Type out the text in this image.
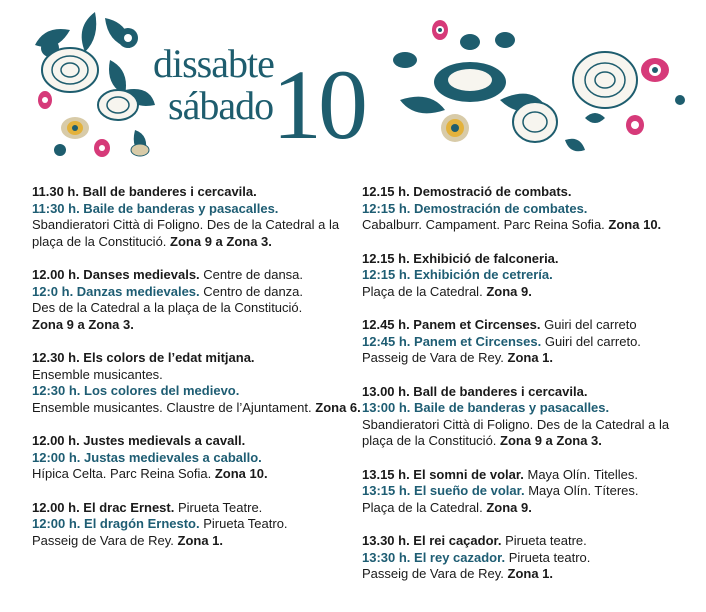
dissabte
sábado
10
11.30 h. Ball de banderes i cercavila.
11:30 h. Baile de banderas y pasacalles.
Sbandieratori Città di Foligno. Des de la Catedral a la
plaça de la Constitució. Zona 9 a Zona 3.
12.00 h. Danses medievals. Centre de dansa.
12:0 h. Danzas medievales. Centro de danza.
Des de la Catedral a la plaça de la Constitució.
Zona 9 a Zona 3.
12.30 h. Els colors de l’edat mitjana.
Ensemble musicantes.
12:30 h. Los colores del medievo.
Ensemble musicantes. Claustre de l’Ajuntament. Zona 6.
12.00 h. Justes medievals a cavall.
12:00 h. Justas medievales a caballo.
Hípica Celta. Parc Reina Sofia. Zona 10.
12.00 h. El drac Ernest. Pirueta Teatre.
12:00 h. El dragón Ernesto. Pirueta Teatro.
Passeig de Vara de Rey. Zona 1.
12.15 h. Demostració de combats.
12:15 h. Demostración de combates.
Cabalburr. Campament. Parc Reina Sofia. Zona 10.
12.15 h. Exhibició de falconeria.
12:15 h. Exhibición de cetrería.
Plaça de la Catedral. Zona 9.
12.45 h. Panem et Circenses. Guiri del carreto
12:45 h. Panem et Circenses. Guiri del carreto.
Passeig de Vara de Rey. Zona 1.
13.00 h. Ball de banderes i cercavila.
13:00 h. Baile de banderas y pasacalles.
Sbandieratori Città di Foligno. Des de la Catedral a la
plaça de la Constitució. Zona 9 a Zona 3.
13.15 h. El somni de volar. Maya Olín. Titelles.
13:15 h. El sueño de volar. Maya Olín. Títeres.
Plaça de la Catedral. Zona 9.
13.30 h. El rei caçador. Pirueta teatre.
13:30 h. El rey cazador. Pirueta teatro.
Passeig de Vara de Rey. Zona 1.
